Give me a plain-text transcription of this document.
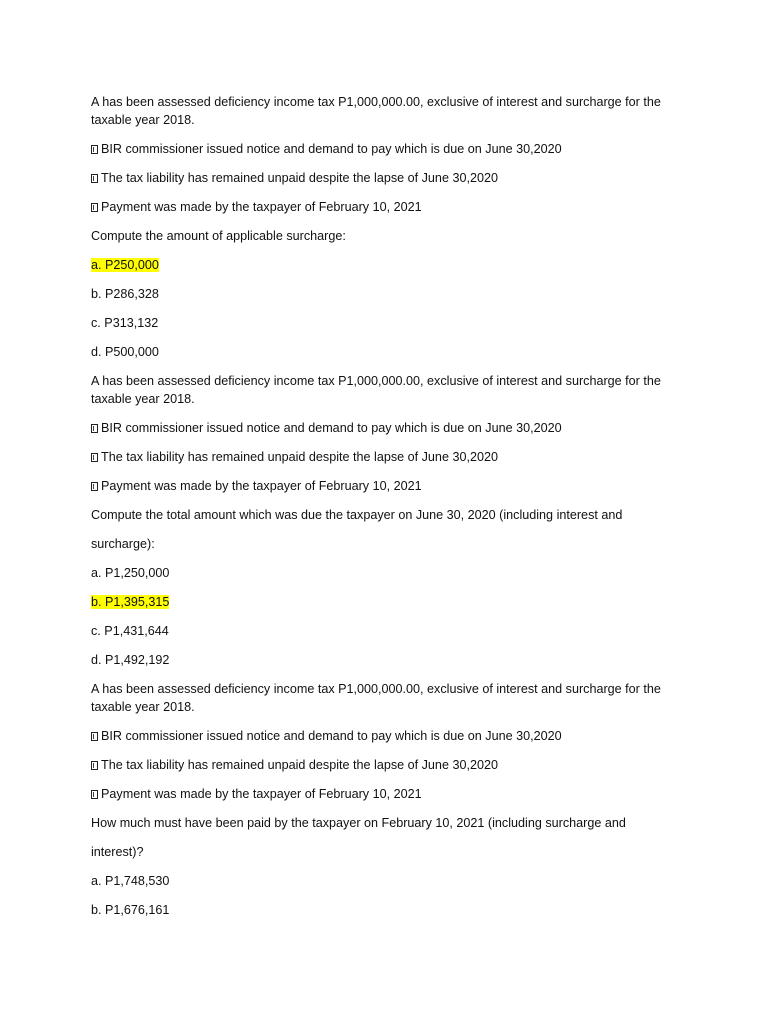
A has been assessed deficiency income tax P1,000,000.00, exclusive of interest and surcharge for the taxable year 2018.

BIR commissioner issued notice and demand to pay which is due on June 30,2020

The tax liability has remained unpaid despite the lapse of June 30,2020

Payment was made by the taxpayer of February 10, 2021

Compute the amount of applicable surcharge:

a. P250,000

b. P286,328

c. P313,132

d. P500,000

A has been assessed deficiency income tax P1,000,000.00, exclusive of interest and surcharge for the taxable year 2018.

BIR commissioner issued notice and demand to pay which is due on June 30,2020

The tax liability has remained unpaid despite the lapse of June 30,2020

Payment was made by the taxpayer of February 10, 2021

Compute the total amount which was due the taxpayer on June 30, 2020 (including interest and

surcharge):

a. P1,250,000

b. P1,395,315

c. P1,431,644

d. P1,492,192

A has been assessed deficiency income tax P1,000,000.00, exclusive of interest and surcharge for the taxable year 2018.

BIR commissioner issued notice and demand to pay which is due on June 30,2020

The tax liability has remained unpaid despite the lapse of June 30,2020

Payment was made by the taxpayer of February 10, 2021

How much must have been paid by the taxpayer on February 10, 2021 (including surcharge and

interest)?

a. P1,748,530

b. P1,676,161
